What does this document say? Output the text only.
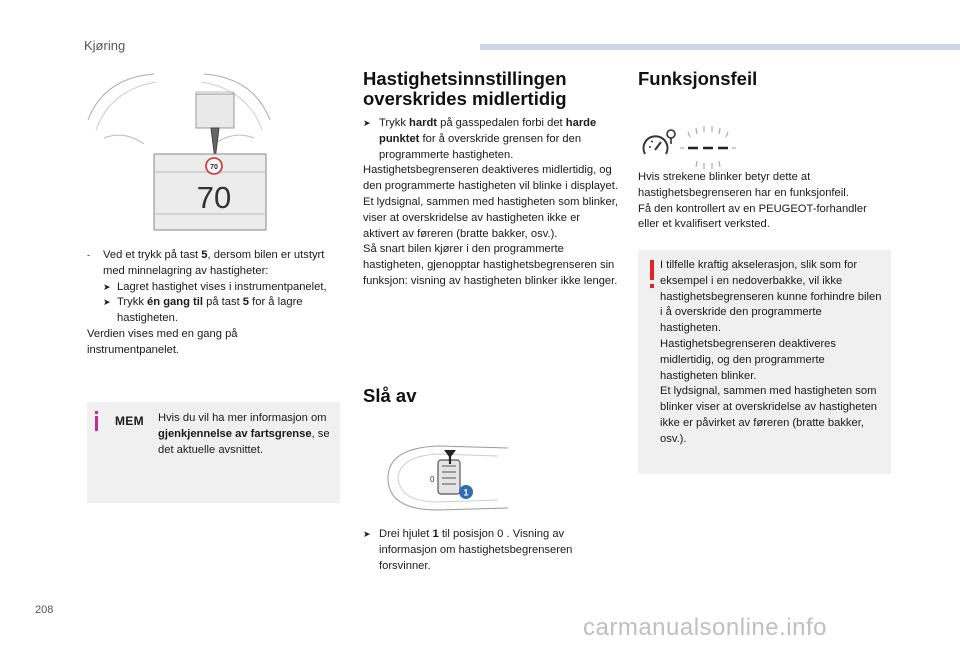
Kjøring
70
70

- Ved et trykk på tast 5, dersom bilen er utstyrt med minnelagring av hastigheter:

➤ Lagret hastighet vises i instrumentpanelet,

➤ Trykk én gang til på tast 5 for å lagre hastigheten.

Verdien vises med en gang på instrumentpanelet.

MEM Hvis du vil ha mer informasjon om gjenkjennelse av fartsgrense, se det aktuelle avsnittet.
Hastighetsinnstillingen overskrides midlertidig

➤ Trykk hardt på gasspedalen forbi det harde punktet for å overskride grensen for den programmerte hastigheten.

Hastighetsbegrenseren deaktiveres midlertidig, og den programmerte hastigheten vil blinke i displayet.
Et lydsignal, sammen med hastigheten som blinker, viser at overskridelse av hastigheten ikke er aktivert av føreren (bratte bakker, osv.).
Så snart bilen kjører i den programmerte hastigheten, gjenopptar hastighetsbegrenseren sin funksjon: visning av hastigheten blinker ikke lenger.

Slå av
0
1

➤ Drei hjulet 1 til posisjon 0 . Visning av informasjon om hastighetsbegrenseren forsvinner.

Funksjonsfeil
Hvis strekene blinker betyr dette at hastighetsbegrenseren har en funksjonfeil.
Få den kontrollert av en PEUGEOT-forhandler eller et kvalifisert verksted.
I tilfelle kraftig akselerasjon, slik som for eksempel i en nedoverbakke, vil ikke hastighetsbegrenseren kunne forhindre bilen i å overskride den programmerte hastigheten.
Hastighetsbegrenseren deaktiveres midlertidig, og den programmerte hastigheten blinker.
Et lydsignal, sammen med hastigheten som blinker viser at overskridelse av hastigheten ikke er påvirket av føreren (bratte bakker, osv.).
208
carmanualsonline.info
